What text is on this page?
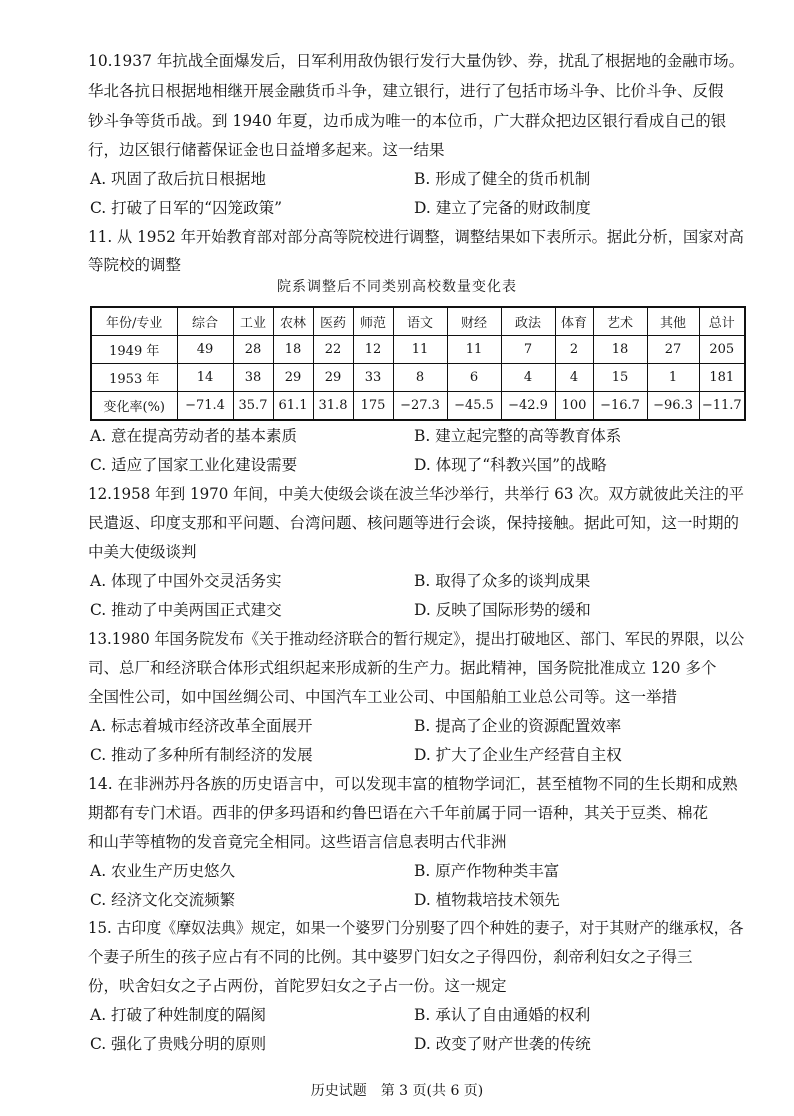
10.1937 年抗战全面爆发后，日军利用敌伪银行发行大量伪钞、券，扰乱了根据地的金融市场。
华北各抗日根据地相继开展金融货币斗争，建立银行，进行了包括市场斗争、比价斗争、反假
钞斗争等货币战。到 1940 年夏，边币成为唯一的本位币，广大群众把边区银行看成自己的银
行，边区银行储蓄保证金也日益增多起来。这一结果
A. 巩固了敌后抗日根据地	B. 形成了健全的货币机制
C. 打破了日军的“囚笼政策”	D. 建立了完备的财政制度
11. 从 1952 年开始教育部对部分高等院校进行调整，调整结果如下表所示。据此分析，国家对高
等院校的调整
院系调整后不同类别高校数量变化表
年份/专业	综合	工业	农林	医药	师范	语文	财经	政法	体育	艺术	其他	总计
1949 年	49	28	18	22	12	11	11	7	2	18	27	205
1953 年	14	38	29	29	33	8	6	4	4	15	1	181
变化率(%)	−71.4	35.7	61.1	31.8	175	−27.3	−45.5	−42.9	100	−16.7	−96.3	−11.7
A. 意在提高劳动者的基本素质	B. 建立起完整的高等教育体系
C. 适应了国家工业化建设需要	D. 体现了“科教兴国”的战略
12.1958 年到 1970 年间，中美大使级会谈在波兰华沙举行，共举行 63 次。双方就彼此关注的平
民遣返、印度支那和平问题、台湾问题、核问题等进行会谈，保持接触。据此可知，这一时期的
中美大使级谈判
A. 体现了中国外交灵活务实	B. 取得了众多的谈判成果
C. 推动了中美两国正式建交	D. 反映了国际形势的缓和
13.1980 年国务院发布《关于推动经济联合的暂行规定》，提出打破地区、部门、军民的界限，以公
司、总厂和经济联合体形式组织起来形成新的生产力。据此精神，国务院批准成立 120 多个
全国性公司，如中国丝绸公司、中国汽车工业公司、中国船舶工业总公司等。这一举措
A. 标志着城市经济改革全面展开	B. 提高了企业的资源配置效率
C. 推动了多种所有制经济的发展	D. 扩大了企业生产经营自主权
14. 在非洲苏丹各族的历史语言中，可以发现丰富的植物学词汇，甚至植物不同的生长期和成熟
期都有专门术语。西非的伊多玛语和约鲁巴语在六千年前属于同一语种，其关于豆类、棉花
和山芋等植物的发音竟完全相同。这些语言信息表明古代非洲
A. 农业生产历史悠久	B. 原产作物种类丰富
C. 经济文化交流频繁	D. 植物栽培技术领先
15. 古印度《摩奴法典》规定，如果一个婆罗门分别娶了四个种姓的妻子，对于其财产的继承权，各
个妻子所生的孩子应占有不同的比例。其中婆罗门妇女之子得四份，刹帝利妇女之子得三
份，吠舍妇女之子占两份，首陀罗妇女之子占一份。这一规定
A. 打破了种姓制度的隔阂	B. 承认了自由通婚的权利
C. 强化了贵贱分明的原则	D. 改变了财产世袭的传统
历史试题　第 3 页(共 6 页)
